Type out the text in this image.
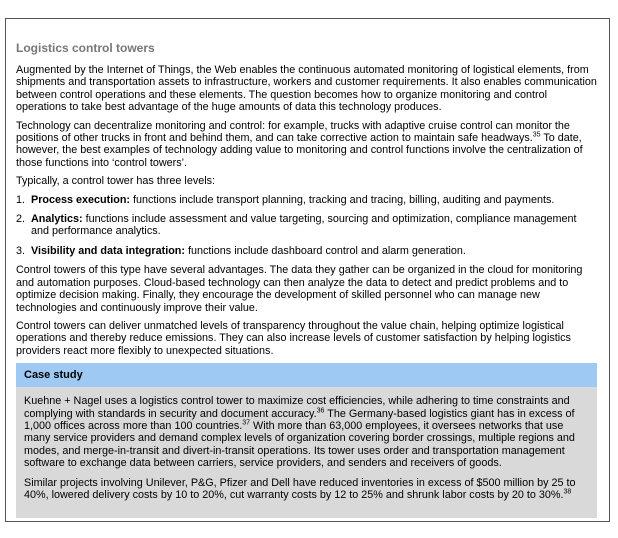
Logistics control towers

Augmented by the Internet of Things, the Web enables the continuous automated monitoring of logistical elements, from shipments and transportation assets to infrastructure, workers and customer requirements. It also enables communication between control operations and these elements. The question becomes how to organize monitoring and control operations to take best advantage of the huge amounts of data this technology produces.

Technology can decentralize monitoring and control: for example, trucks with adaptive cruise control can monitor the positions of other trucks in front and behind them, and can take corrective action to maintain safe headways.$^{35}$ To date, however, the best examples of technology adding value to monitoring and control functions involve the centralization of those functions into ‘control towers’.

Typically, a control tower has three levels:

1. Process execution: functions include transport planning, tracking and tracing, billing, auditing and payments.
2. Analytics: functions include assessment and value targeting, sourcing and optimization, compliance management and performance analytics.
3. Visibility and data integration: functions include dashboard control and alarm generation.

Control towers of this type have several advantages. The data they gather can be organized in the cloud for monitoring and automation purposes. Cloud-based technology can then analyze the data to detect and predict problems and to optimize decision making. Finally, they encourage the development of skilled personnel who can manage new technologies and continuously improve their value.

Control towers can deliver unmatched levels of transparency throughout the value chain, helping optimize logistical operations and thereby reduce emissions. They can also increase levels of customer satisfaction by helping logistics providers react more flexibly to unexpected situations.

Case study

Kuehne + Nagel uses a logistics control tower to maximize cost efficiencies, while adhering to time constraints and complying with standards in security and document accuracy.$^{36}$ The Germany-based logistics giant has in excess of 1,000 offices across more than 100 countries.$^{37}$ With more than 63,000 employees, it oversees networks that use many service providers and demand complex levels of organization covering border crossings, multiple regions and modes, and merge-in-transit and divert-in-transit operations. Its tower uses order and transportation management software to exchange data between carriers, service providers, and senders and receivers of goods.

Similar projects involving Unilever, P&G, Pfizer and Dell have reduced inventories in excess of $500 million by 25 to 40%, lowered delivery costs by 10 to 20%, cut warranty costs by 12 to 25% and shrunk labor costs by 20 to 30%.$^{38}$
